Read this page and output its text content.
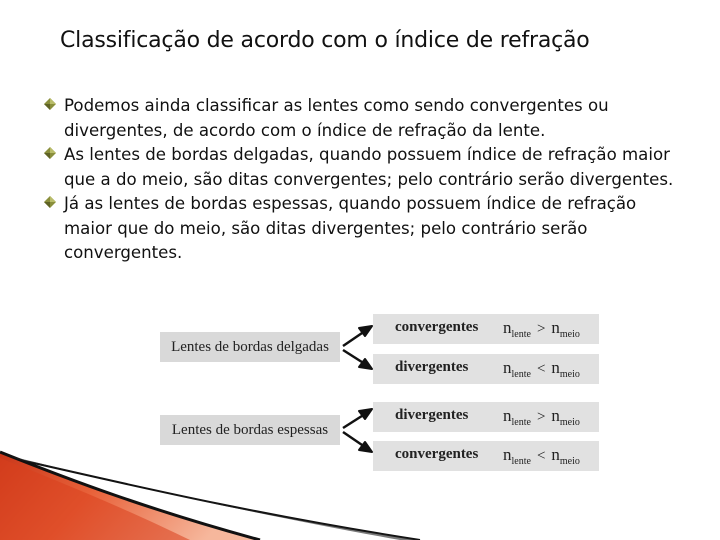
Classificação de acordo com o índice de refração
Podemos ainda classificar as lentes como sendo convergentes ou divergentes, de acordo com o índice de refração da lente.
As lentes de bordas delgadas, quando possuem índice de refração maior que a do meio, são ditas convergentes; pelo contrário serão divergentes.
Já as lentes de bordas espessas, quando possuem índice de refração maior que do meio, são ditas divergentes; pelo contrário serão convergentes.
Lentes de bordas delgadas
Lentes de bordas espessas
convergentes $n_{lente} > n_{meio}$
divergentes $n_{lente} < n_{meio}$
divergentes $n_{lente} > n_{meio}$
convergentes $n_{lente} < n_{meio}$
